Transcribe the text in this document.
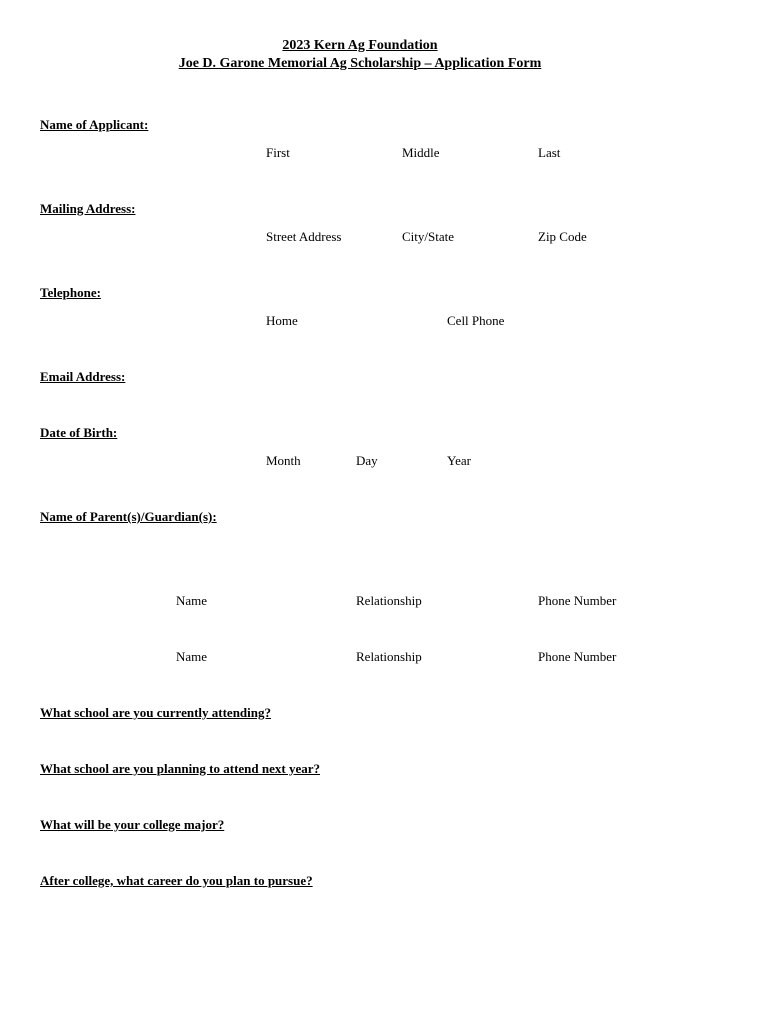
2023 Kern Ag Foundation
Joe D. Garone Memorial Ag Scholarship – Application Form
Name of Applicant:
First	Middle	Last
Mailing Address:
Street Address	City/State	Zip Code
Telephone:
Home	Cell Phone
Email Address:
Date of Birth:
Month	Day	Year
Name of Parent(s)/Guardian(s):
Name	Relationship	Phone Number
Name	Relationship	Phone Number
What school are you currently attending?
What school are you planning to attend next year?
What will be your college major?
After college, what career do you plan to pursue?
